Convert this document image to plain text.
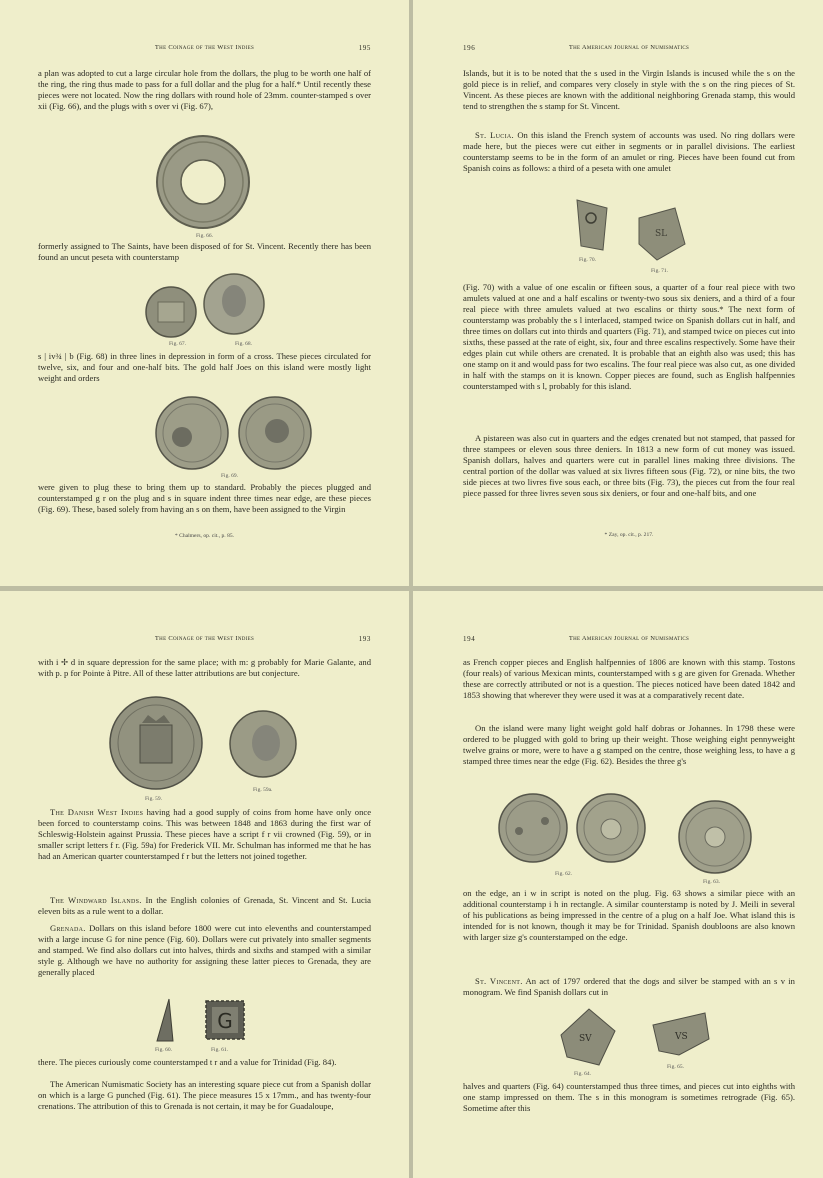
The Coinage of the West Indies	195

a plan was adopted to cut a large circular hole from the dollars, the plug to be worth one half of the ring, the ring thus made to pass for a full dollar and the plug for a half.* Until recently these pieces were not located. Now the ring dollars with round hole of 23mm. counter-stamped s over xii (Fig. 66), and the plugs with s over vi (Fig. 67),

Fig. 66.

formerly assigned to The Saints, have been disposed of for St. Vincent. Recently there has been found an uncut peseta with counterstamp

Fig. 67.	Fig. 68.

s | iv¾ | b (Fig. 68) in three lines in depression in form of a cross. These pieces circulated for twelve, six, and four and one-half bits. The gold half Joes on this island were mostly light weight and orders

Fig. 69.

were given to plug these to bring them up to standard. Probably the pieces plugged and counterstamped g r on the plug and s in square indent three times near edge, are these pieces (Fig. 69). These, based solely from having an s on them, have been assigned to the Virgin

* Chalmers, op. cit., p. 85.
196	The American Journal of Numismatics

Islands, but it is to be noted that the s used in the Virgin Islands is incused while the s on the gold piece is in relief, and compares very closely in style with the s on the ring pieces of St. Vincent. As these pieces are known with the additional neighboring Grenada stamp, this would tend to strengthen the s stamp for St. Vincent.

St. Lucia. On this island the French system of accounts was used. No ring dollars were made here, but the pieces were cut either in segments or in parallel divisions. The earliest counterstamp seems to be in the form of an amulet or ring. Pieces have been found cut from Spanish coins as follows: a third of a peseta with one amulet

SL
Fig. 70.
Fig. 71.

(Fig. 70) with a value of one escalin or fifteen sous, a quarter of a four real piece with two amulets valued at one and a half escalins or twenty-two sous six deniers, and a third of a four real piece with three amulets valued at two escalins or thirty sous.* The next form of counterstamp was probably the s l interlaced, stamped twice on Spanish dollars cut in half, and three times on dollars cut into thirds and quarters (Fig. 71), and stamped twice on pieces cut into sixths, these passed at the rate of eight, six, four and three escalins respectively. Some have their edges plain cut while others are crenated. It is probable that an eighth also was used; this has one stamp on it and would pass for two escalins. The four real piece was also cut, as one divided in half with the stamps on it is known. Copper pieces are found, such as English halfpennies counterstamped with s l, probably for this island.

A pistareen was also cut in quarters and the edges crenated but not stamped, that passed for three stampees or eleven sous three deniers. In 1813 a new form of cut money was issued. Spanish dollars, halves and quarters were cut in parallel lines making three divisions. The central portion of the dollar was valued at six livres fifteen sous (Fig. 72), or nine bits, the two side pieces at two livres five sous each, or three bits (Fig. 73), the pieces cut from the four real piece passed for three livres seven sous six deniers, or four and one-half bits, and one

* Zay, op. cit., p. 217.
The Coinage of the West Indies	193

with i ✢ d in square depression for the same place; with m: g probably for Marie Galante, and with p. p for Pointe à Pitre. All of these latter attributions are but conjecture.

Fig. 59.
Fig. 59a.

The Danish West Indies having had a good supply of coins from home have only once been forced to counterstamp coins. This was between 1848 and 1863 during the first war of Schleswig-Holstein against Prussia. These pieces have a script f r vii crowned (Fig. 59), or in smaller script letters f r. (Fig. 59a) for Frederick VII. Mr. Schulman has informed me that he has had an American quarter counterstamped f r but the letters not joined together.

The Windward Islands. In the English colonies of Grenada, St. Vincent and St. Lucia eleven bits as a rule went to a dollar.

Grenada. Dollars on this island before 1800 were cut into elevenths and counterstamped with a large incuse G for nine pence (Fig. 60). Dollars were cut privately into smaller segments and stamped. We find also dollars cut into halves, thirds and sixths and stamped with a similar style g. Although we have no authority for assigning these latter pieces to Grenada, they are generally placed

G
Fig. 60.	Fig. 61.

there. The pieces curiously come counterstamped t r and a value for Trinidad (Fig. 84).

The American Numismatic Society has an interesting square piece cut from a Spanish dollar on which is a large G punched (Fig. 61). The piece measures 15 x 17mm., and has twenty-four crenations. The attribution of this to Grenada is not certain, it may be for Guadaloupe,

194	The American Journal of Numismatics

as French copper pieces and English halfpennies of 1806 are known with this stamp. Tostons (four reals) of various Mexican mints, counterstamped with s g are given for Grenada. Whether these are correctly attributed or not is a question. The pieces noticed have been dated 1842 and 1853 showing that wherever they were used it was at a comparatively recent date.

On the island were many light weight gold half dobras or Johannes. In 1798 these were ordered to be plugged with gold to bring up their weight. Those weighing eight pennyweight twelve grains or more, were to have a g stamped on the centre, those weighing less, to have a g stamped three times near the edge (Fig. 62). Besides the three g's

Fig. 62.
Fig. 63.

on the edge, an i w in script is noted on the plug. Fig. 63 shows a similar piece with an additional counterstamp i h in rectangle. A similar counterstamp is noted by J. Meili in several of his publications as being impressed in the centre of a plug on a half Joe. What island this is intended for is not known, though it may be for Trinidad. Spanish doubloons are also known with larger size g's counterstamped on the edge.

St. Vincent. An act of 1797 ordered that the dogs and silver be stamped with an s v in monogram. We find Spanish dollars cut in

SV	VS
Fig. 64.
Fig. 65.

halves and quarters (Fig. 64) counterstamped thus three times, and pieces cut into eighths with one stamp impressed on them. The s in this monogram is sometimes retrograde (Fig. 65). Sometime after this
